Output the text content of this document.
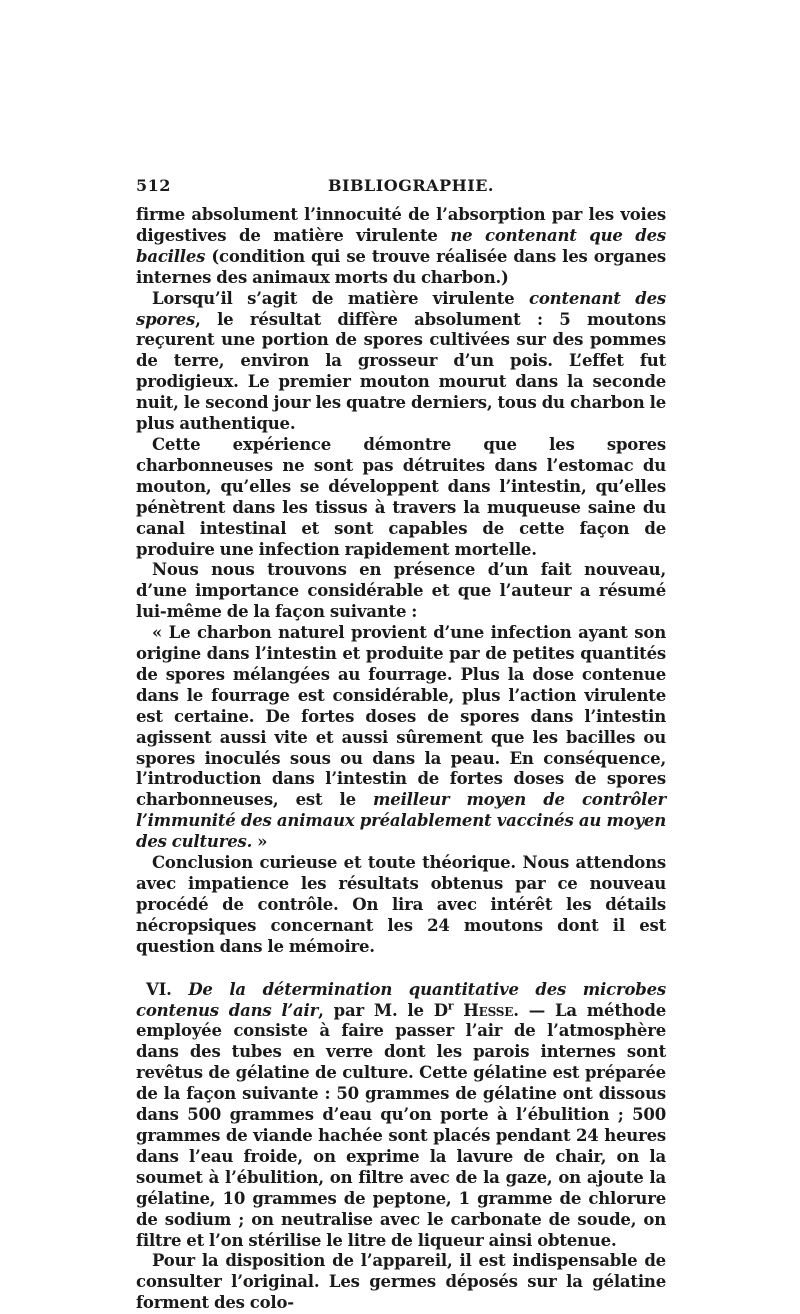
512	BIBLIOGRAPHIE.

firme absolument l’innocuité de l’absorption par les voies digestives de matière virulente ne contenant que des bacilles (condition qui se trouve réalisée dans les organes internes des animaux morts du charbon.)

Lorsqu’il s’agit de matière virulente contenant des spores, le résultat diffère absolument : 5 moutons reçurent une portion de spores cultivées sur des pommes de terre, environ la grosseur d’un pois. L’effet fut prodigieux. Le premier mouton mourut dans la seconde nuit, le second jour les quatre derniers, tous du charbon le plus authentique.

Cette expérience démontre que les spores charbonneuses ne sont pas détruites dans l’estomac du mouton, qu’elles se développent dans l’intestin, qu’elles pénètrent dans les tissus à travers la muqueuse saine du canal intestinal et sont capables de cette façon de produire une infection rapidement mortelle.

Nous nous trouvons en présence d’un fait nouveau, d’une importance considérable et que l’auteur a résumé lui-même de la façon suivante :

« Le charbon naturel provient d’une infection ayant son origine dans l’intestin et produite par de petites quantités de spores mélangées au fourrage. Plus la dose contenue dans le fourrage est considérable, plus l’action virulente est certaine. De fortes doses de spores dans l’intestin agissent aussi vite et aussi sûrement que les bacilles ou spores inoculés sous ou dans la peau. En conséquence, l’introduction dans l’intestin de fortes doses de spores charbonneuses, est le meilleur moyen de contrôler l’immunité des animaux préalablement vaccinés au moyen des cultures. »

Conclusion curieuse et toute théorique. Nous attendons avec impatience les résultats obtenus par ce nouveau procédé de contrôle. On lira avec intérêt les détails nécropsiques concernant les 24 moutons dont il est question dans le mémoire.

VI. De la détermination quantitative des microbes contenus dans l’air, par M. le $D^r$ Hesse. — La méthode employée consiste à faire passer l’air de l’atmosphère dans des tubes en verre dont les parois internes sont revêtus de gélatine de culture. Cette gélatine est préparée de la façon suivante : 50 grammes de gélatine ont dissous dans 500 grammes d’eau qu’on porte à l’ébulition ; 500 grammes de viande hachée sont placés pendant 24 heures dans l’eau froide, on exprime la lavure de chair, on la soumet à l’ébulition, on filtre avec de la gaze, on ajoute la gélatine, 10 grammes de peptone, 1 gramme de chlorure de sodium ; on neutralise avec le carbonate de soude, on filtre et l’on stérilise le litre de liqueur ainsi obtenue.

Pour la disposition de l’appareil, il est indispensable de consulter l’original. Les germes déposés sur la gélatine forment des colo-
